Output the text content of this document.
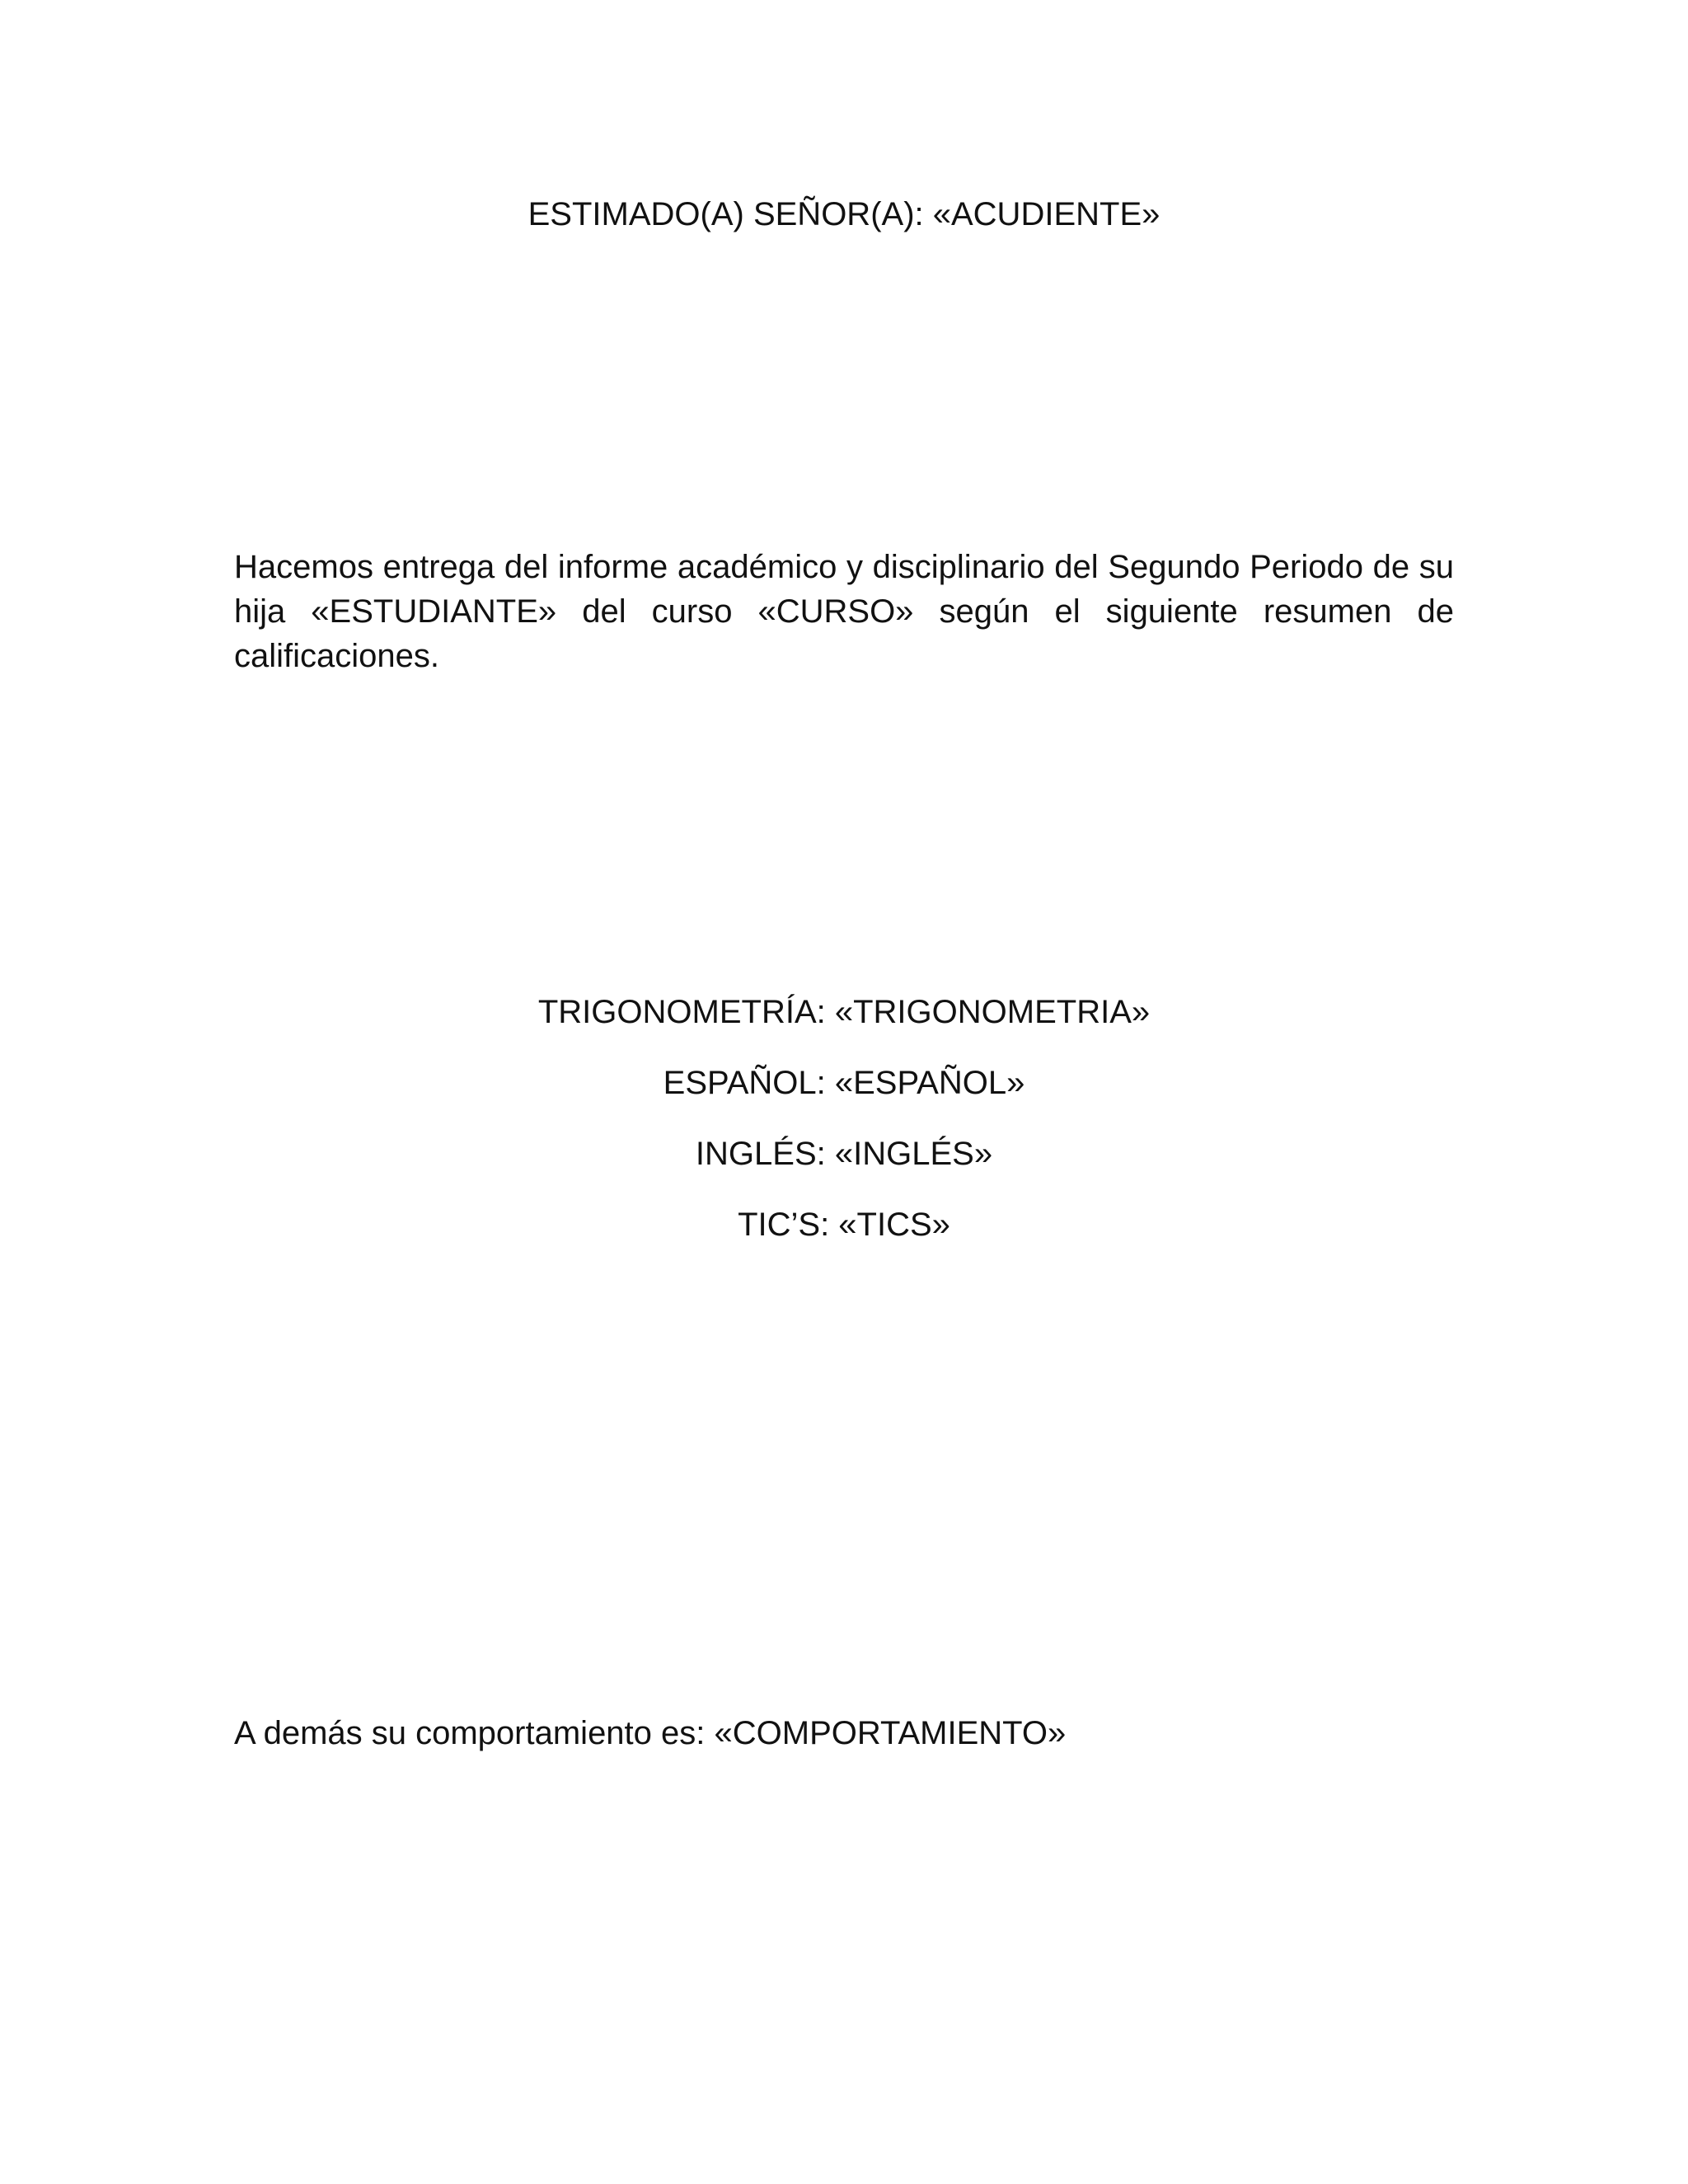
ESTIMADO(A) SEÑOR(A): «ACUDIENTE»
Hacemos entrega del informe académico y disciplinario del Segundo Periodo de su hija «ESTUDIANTE» del curso «CURSO» según el siguiente resumen de calificaciones.
TRIGONOMETRÍA: «TRIGONOMETRIA»
ESPAÑOL: «ESPAÑOL»
INGLÉS: «INGLÉS»
TIC’S: «TICS»
A demás su comportamiento es: «COMPORTAMIENTO»
